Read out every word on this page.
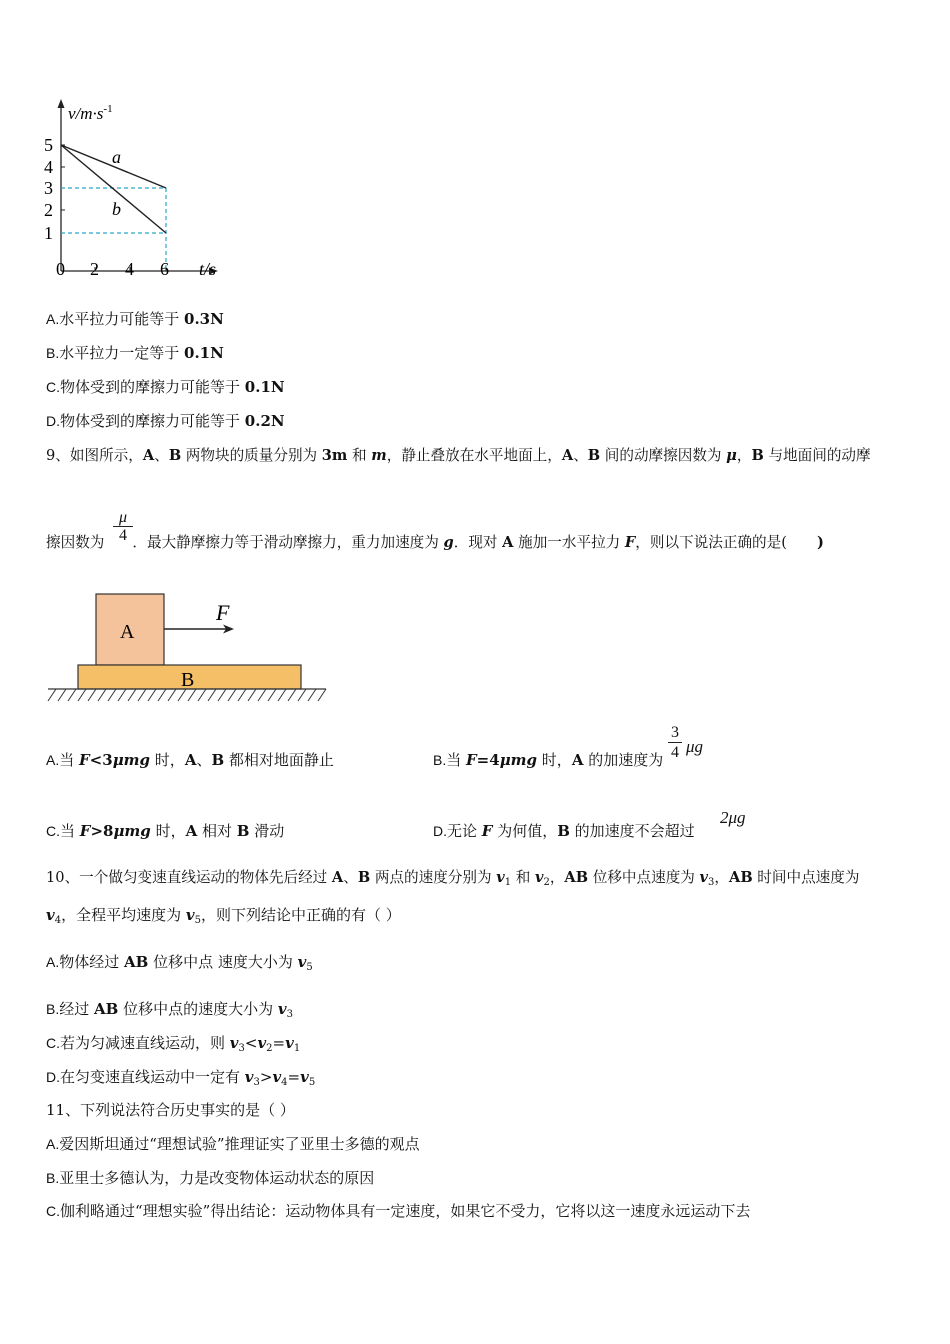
$v/m\cdot s^{-1}$
5
4
3
2
1
0 2 4 6 t/s
a
b
A.水平拉力可能等于 0.3N
B.水平拉力一定等于 0.1N
C.物体受到的摩擦力可能等于 0.1N
D.物体受到的摩擦力可能等于 0.2N
9、如图所示，A、B 两物块的质量分别为 3m 和 m，静止叠放在水平地面上，A、B 间的动摩擦因数为 μ，B 与地面间的动摩
$\frac{\mu}{4}$
擦因数为 ．最大静摩擦力等于滑动摩擦力，重力加速度为 g．现对 A 施加一水平拉力 F，则以下说法正确的是( )
A
B
F
A.当 F<3μmg 时，A、B 都相对地面静止	B.当 F=4μmg 时，A 的加速度为 $\frac{3}{4}$ μg
C.当 F>8μmg 时，A 相对 B 滑动	D.无论 F 为何值，B 的加速度不会超过
2μg
10、一个做匀变速直线运动的物体先后经过 A、B 两点的速度分别为 $v_1$ 和 $v_2$，AB 位移中点速度为 $v_3$，AB 时间中点速度为
$v_4$，全程平均速度为 $v_5$，则下列结论中正确的有（ ）
A.物体经过 AB 位移中点 速度大小为 $v_5$
B.经过 AB 位移中点的速度大小为 $v_3$
C.若为匀减速直线运动，则 $v_3<v_2=v_1$
D.在匀变速直线运动中一定有 $v_3>v_4=v_5$
11、下列说法符合历史事实的是（ ）
A.爱因斯坦通过“理想试验”推理证实了亚里士多德的观点
B.亚里士多德认为，力是改变物体运动状态的原因
C.伽利略通过“理想实验”得出结论：运动物体具有一定速度，如果它不受力，它将以这一速度永远运动下去
